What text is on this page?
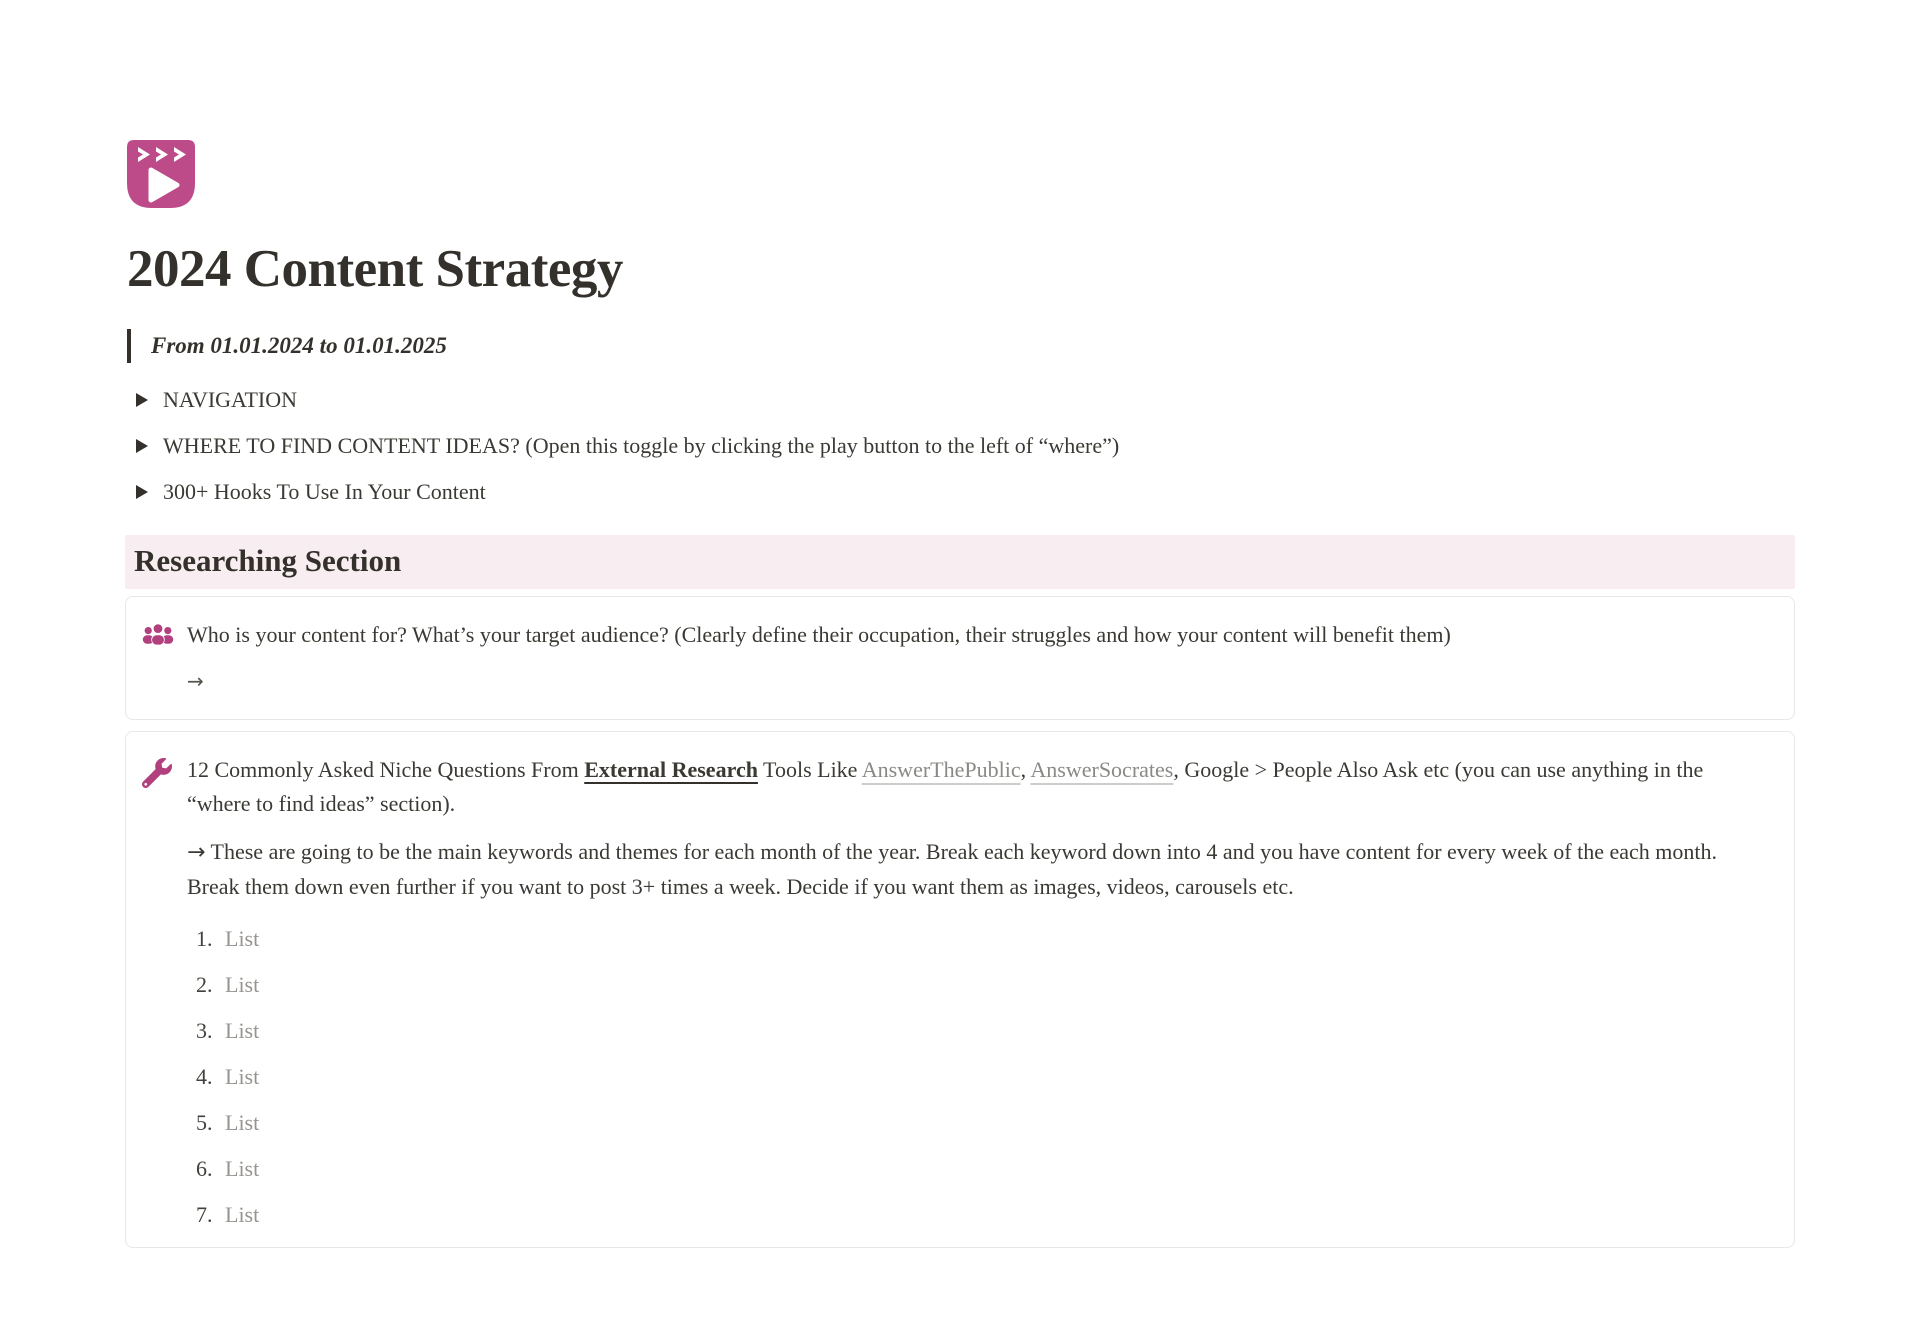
2024 Content Strategy
From 01.01.2024 to 01.01.2025
NAVIGATION
WHERE TO FIND CONTENT IDEAS? (Open this toggle by clicking the play button to the left of “where”)
300+ Hooks To Use In Your Content
Researching Section
Who is your content for? What’s your target audience? (Clearly define their occupation, their struggles and how your content will benefit them)
→
12 Commonly Asked Niche Questions From External Research Tools Like AnswerThePublic, AnswerSocrates, Google > People Also Ask etc (you can use anything in the “where to find ideas” section).
→ These are going to be the main keywords and themes for each month of the year. Break each keyword down into 4 and you have content for every week of the each month. Break them down even further if you want to post 3+ times a week. Decide if you want them as images, videos, carousels etc.
1. List
2. List
3. List
4. List
5. List
6. List
7. List
